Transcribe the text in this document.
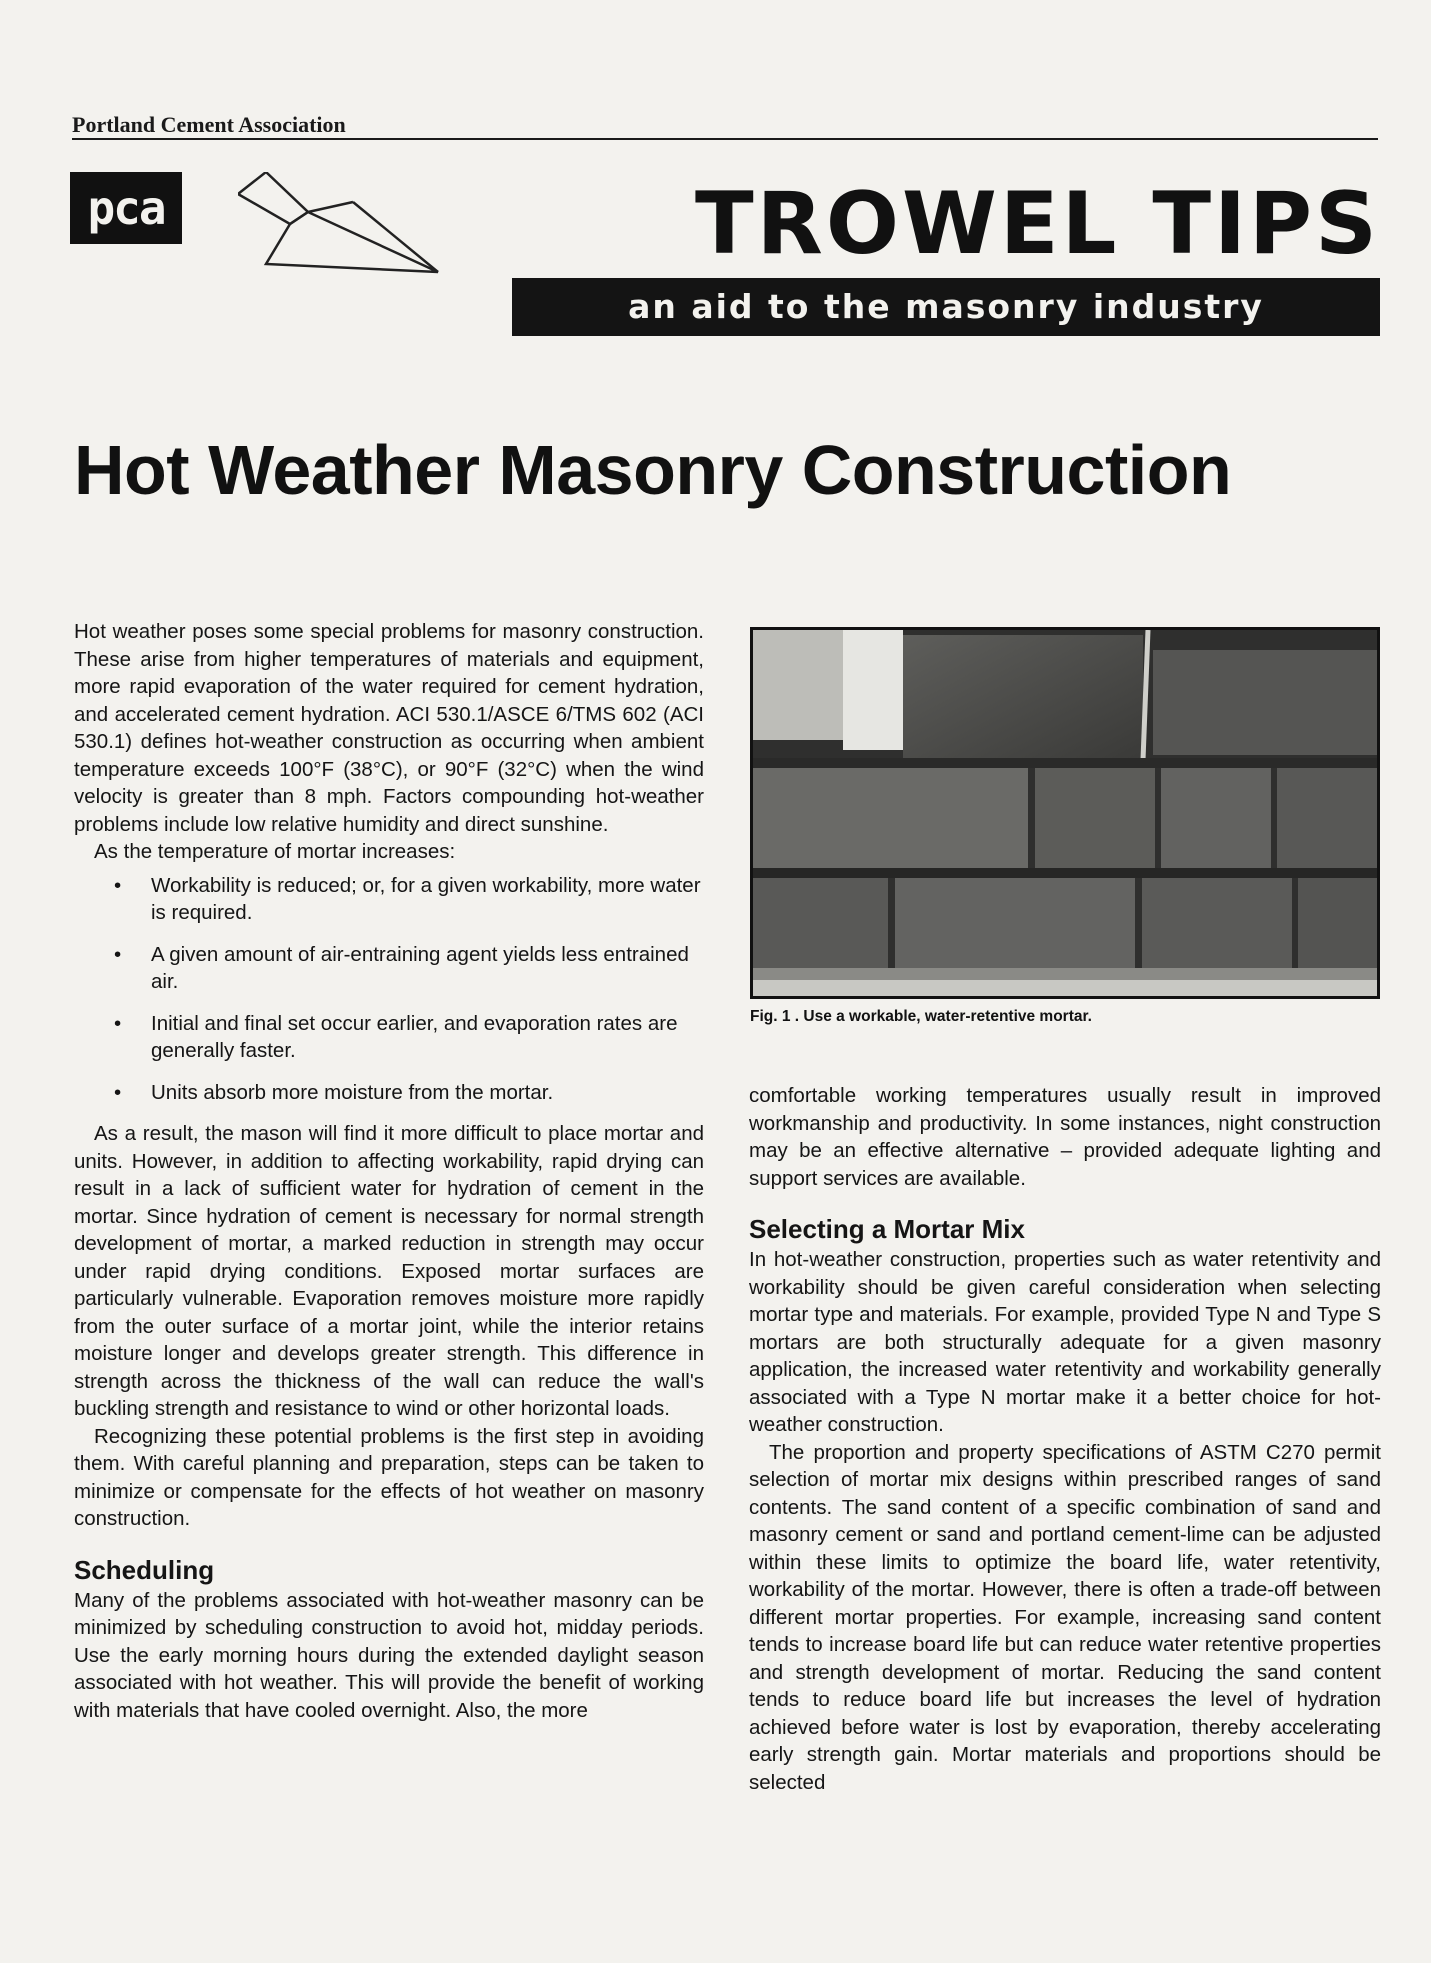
Portland Cement Association
pca	TROWEL TIPS
an aid to the masonry industry
Hot Weather Masonry Construction

Hot weather poses some special problems for masonry construction. These arise from higher temperatures of materials and equipment, more rapid evaporation of the water required for cement hydration, and accelerated cement hydration. ACI 530.1/ASCE 6/TMS 602 (ACI 530.1) defines hot-weather construction as occurring when ambient temperature exceeds 100°F (38°C), or 90°F (32°C) when the wind velocity is greater than 8 mph. Factors compounding hot-weather problems include low relative humidity and direct sunshine.

As the temperature of mortar increases:

• Workability is reduced; or, for a given workability, more water is required.
• A given amount of air-entraining agent yields less entrained air.
• Initial and final set occur earlier, and evaporation rates are generally faster.
• Units absorb more moisture from the mortar.

As a result, the mason will find it more difficult to place mortar and units. However, in addition to affecting workability, rapid drying can result in a lack of sufficient water for hydration of cement in the mortar. Since hydration of cement is necessary for normal strength development of mortar, a marked reduction in strength may occur under rapid drying conditions. Exposed mortar surfaces are particularly vulnerable. Evaporation removes moisture more rapidly from the outer surface of a mortar joint, while the interior retains moisture longer and develops greater strength. This difference in strength across the thickness of the wall can reduce the wall's buckling strength and resistance to wind or other horizontal loads.

Recognizing these potential problems is the first step in avoiding them. With careful planning and preparation, steps can be taken to minimize or compensate for the effects of hot weather on masonry construction.

Scheduling

Many of the problems associated with hot-weather masonry can be minimized by scheduling construction to avoid hot, midday periods. Use the early morning hours during the extended daylight season associated with hot weather. This will provide the benefit of working with materials that have cooled overnight. Also, the more

Fig. 1 . Use a workable, water-retentive mortar.

comfortable working temperatures usually result in improved workmanship and productivity. In some instances, night construction may be an effective alternative – provided adequate lighting and support services are available.

Selecting a Mortar Mix

In hot-weather construction, properties such as water retentivity and workability should be given careful consideration when selecting mortar type and materials. For example, provided Type N and Type S mortars are both structurally adequate for a given masonry application, the increased water retentivity and workability generally associated with a Type N mortar make it a better choice for hot-weather construction.

The proportion and property specifications of ASTM C270 permit selection of mortar mix designs within prescribed ranges of sand contents. The sand content of a specific combination of sand and masonry cement or sand and portland cement-lime can be adjusted within these limits to optimize the board life, water retentivity, workability of the mortar. However, there is often a trade-off between different mortar properties. For example, increasing sand content tends to increase board life but can reduce water retentive properties and strength development of mortar. Reducing the sand content tends to reduce board life but increases the level of hydration achieved before water is lost by evaporation, thereby accelerating early strength gain. Mortar materials and proportions should be selected
